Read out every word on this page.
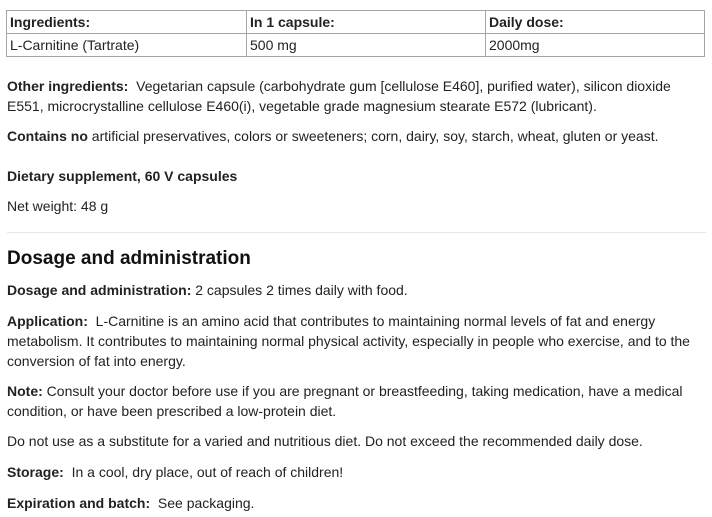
Ingredients:	In 1 capsule:	Daily dose:
L-Carnitine (Tartrate)	500 mg	2000mg

Other ingredients: Vegetarian capsule (carbohydrate gum [cellulose E460], purified water), silicon dioxide E551, microcrystalline cellulose E460(i), vegetable grade magnesium stearate E572 (lubricant).

Contains no artificial preservatives, colors or sweeteners; corn, dairy, soy, starch, wheat, gluten or yeast.

Dietary supplement, 60 V capsules

Net weight: 48 g

Dosage and administration

Dosage and administration: 2 capsules 2 times daily with food.

Application: L-Carnitine is an amino acid that contributes to maintaining normal levels of fat and energy metabolism. It contributes to maintaining normal physical activity, especially in people who exercise, and to the conversion of fat into energy.

Note: Consult your doctor before use if you are pregnant or breastfeeding, taking medication, have a medical condition, or have been prescribed a low-protein diet.

Do not use as a substitute for a varied and nutritious diet. Do not exceed the recommended daily dose.

Storage: In a cool, dry place, out of reach of children!

Expiration and batch: See packaging.
